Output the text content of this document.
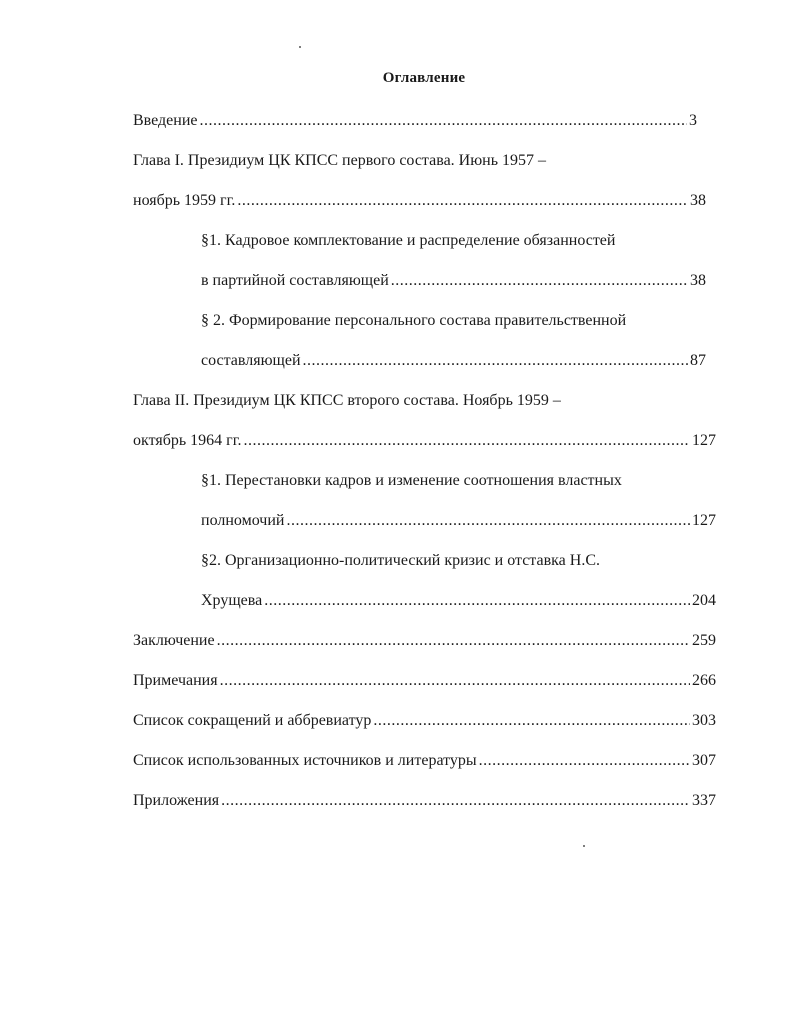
Оглавление
Введение .....	3
Глава I. Президиум ЦК КПСС первого состава. Июнь 1957 –
ноябрь 1959 гг. .....	38
§1. Кадровое комплектование и распределение обязанностей
в партийной составляющей .....	38
§ 2. Формирование персонального состава правительственной
составляющей .....	87
Глава II. Президиум ЦК КПСС второго состава. Ноябрь 1959 –
октябрь 1964 гг. .....	127
§1. Перестановки кадров и изменение соотношения властных
полномочий .....	127
§2. Организационно-политический кризис и отставка Н.С.
Хрущева .....	204
Заключение .....	259
Примечания .....	266
Список сокращений и аббревиатур .....	303
Список использованных источников и литературы .....	307
Приложения .....	337
